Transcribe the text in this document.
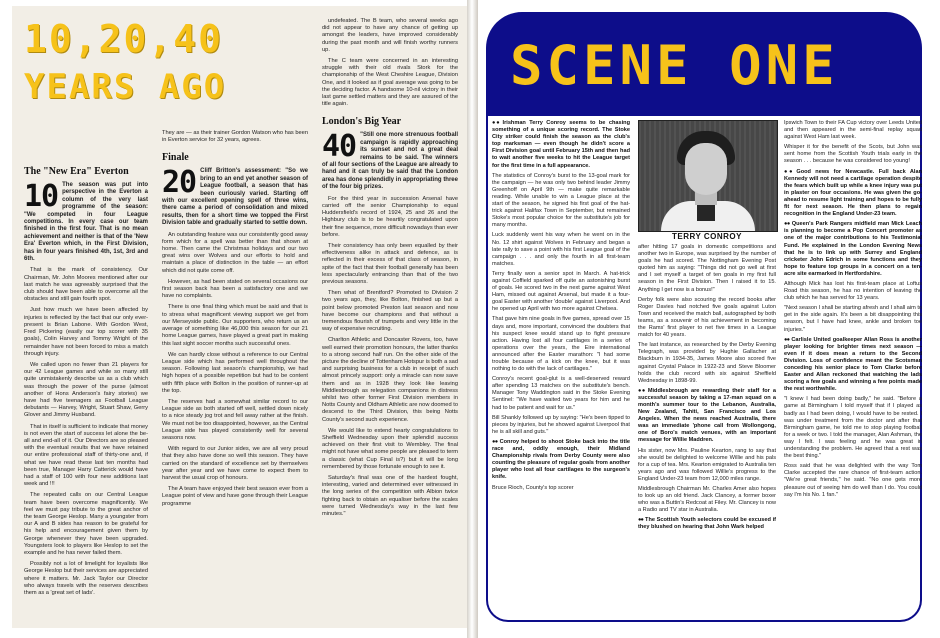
10,20,40
YEARS AGO

The "New Era" Everton

10 The season was put into perspective in the Everton a column of the very last programme of the season: "We competed in four League competitions. In every case our team finished in the first four. That is no mean achievement and neither is that of the 'New Era' Everton which, in the First Division, has in four years finished 4th, 1st, 3rd and 6th.

That is the mark of consistency. Our Chairman, Mr. John Moores mentioned after our last match he was agreeably surprised that the club should have been able to overcome all the obstacles and still gain fourth spot.

Just how much we have been affected by injuries is reflected by the fact that our only ever-present is Brian Labone. With Gordon West, Fred Pickering (easily our top scorer with 35 goals), Colin Harvey and Tommy Wright of the remainder have not been forced to miss a match through injury.

We called upon no fewer than 21 players for our 42 League games and while so many still quite unmistakenly describe us as a club which was through the power of the purse (almost another of Hons Anderson's fairy stories) we have had five teenagers as Football League debutants — Harvey, Wright, Stuart Shaw, Gerry Glover and Jimmy Husband.

That in itself is sufficient to indicate that money is not even the start of success let alone the be-all and end-all of it. Our Directors are so pleased with the eventual results that we have retained our entire professional staff of thirty-one and, if what we have read these last ten months had been true, Manager Harry Catterick would have had a staff of 100 with four new additions last week and !!!

The repeated calls on our Central League team have been overcome magnificently. We feel we must pay tribute to the great anchor of the team George Heslop. Many a youngster from our A and B sides has reason to be grateful for his help and encouragement given them by George whenever they have been upgraded. Youngsters look to players like Heslop to set the example and he has never failed them.

Possibly not a lot of limelight for loyalists like George Heslop but their services are appreciated where it matters. Mr. Jack Taylor our Director who always travels with the reserves describes them as a 'great set of lads'.

They are — as their trainer Gordon Watson who has been in Everton service for 32 years, agrees.

Finale

20 Cliff Britton's assessment: "So we bring to an end yet another season of League football, a season that has been curiously varied. Starting off with our excellent opening spell of three wins, there came a period of consolidation and mixed results, then for a short time we topped the First Division table and gradually started to settle down.

An outstanding feature was our consistently good away form which for a spell was better than that shown at home. Then came the Christmas holidays and our two great wins over Wolves and our efforts to hold and maintain a place of distinction in the table — an effort which did not quite come off.

However, as had been stated on several occasions our first season back has been a satisfactory one and we have no complaints.

There is one final thing which must be said and that is to stress what magnificent viewing support we get from our Merseyside public. Our supporters, who return us an average of something like 46,000 this season for our 21 home League games, have played a great part in making this last sight soccer months such successful ones.

We can hardly close without a reference to our Central League side which has performed well throughout the season. Following last season's championship, we had high hopes of a possible repetition but had to be content with fifth place with Bolton in the position of runner-up at the top.

The reserves had a somewhat similar record to our League side as both started off well, settled down nicely to a nice steady jog trot and fell away rather at the finish. We must not be too disappointed, however, as the Central League side has played consistently well for several seasons now.

With regard to our Junior sides, we are all very proud that they also have done so well this season. They have carried on the standard of excellence set by themselves year after year and we have come to expect them to harvest the usual crop of honours.

The A team have enjoyed their best season ever from a League point of view and have gone through their League programme

undefeated. The B team, who several weeks ago did not appear to have any chance of getting up amongst the leaders, have improved considerably during the past month and will finish worthy runners up.

The C team were concerned in an interesting struggle with their old rivals Stork for the championship of the West Cheshire League, Division One, and it looked as if goal average was going to be the deciding factor. A handsome 10-nil victory in their last game settled matters and they are assured of the title again.

London's Big Year

40 "Still one more strenuous football campaign is rapidly approaching its sunset and not a great deal remains to be said. The winners of all four sections of the League are already to hand and it can truly be said that the London area has done splendidly in appropriating three of the four big prizes.

For the third year in succession Arsenal have carried off the senior Championship to equal Huddersfield's record of 1924, 25 and 26 and the Highbury club is to be heartily congratulated upon their fine sequence, more difficult nowadays than ever before.

Their consistency has only been equalled by their effectiveness alike in attack and defence, as is reflected in their excess of that class of season, in spite of the fact that their football generally has been less spectacularly entrancing than that of the two previous seasons.

Then what of Brentford? Promoted to Division 2 two years ago, they, like Bolton, finished up but a point below promoted Preston last season and now have become our champions and that without a tremendous flourish of trumpets and very little in the way of expensive recruiting.

Charlton Athletic and Doncaster Rovers, too, have well earned their promotion honours, the latter thanks to a strong second half run. On the other side of the picture the decline of Tottenham Hotspur is both a sad and surprising business for a club in receipt of such almost princely support: only a miracle can now save them and as in 1928 they look like leaving Middlesbrough as relegation companions in distress whilst two other former First Division members in Notts County and Oldham Athletic are now doomed to descend to the Third Division, this being Notts County's second such experience.

We would like to extend hearty congratulations to Sheffield Wednesday upon their splendid success achieved on their first visit to Wembley. The final might not have what some people are pleased to term a classic (what Cup Final is?) but it will be long remembered by those fortunate enough to see it.

Saturday's final was one of the hardest fought, interesting, varied and determined ever witnessed in the long series of the competition with Albion twice fighting back to obtain an equaliser before the scales were turned Wednesday's way in the last few minutes."

SCENE ONE

●● Irishman Terry Conroy seems to be chasing something of a unique scoring record. The Stoke City striker could finish the season as the club's top marksman — even though he didn't score a First Division goal until February 15th and then had to wait another five weeks to hit the League target for the first time in a full appearance.

The statistics of Conroy's burst to the 13-goal mark for the campaign — he was only two behind leader Jimmy Greenhoff on April 9th — make quite remarkable reading. While unable to win a League place at the start of the season, he signed his first goal of the hat-trick against Halifax Town in September, but remained Stoke's most popular choice for the substitute's job for many months.

Luck suddenly went his way when he went on in the No. 12 shirt against Wolves in February and began a late rally to save a point with his first League goal of the campaign . . . and only the fourth in all first-team matches.

Terry finally won a senior spot in March. A hat-trick against Coffield sparked off quite an astonishing burst of goals. He scored two in the next game against West Ham, missed out against Arsenal, but made it a four-goal Easter with another 'double' against Liverpool. And he opened up April with two more against Chelsea.

That gave him nine goals in five games, spread over 15 days and, more important, convinced the doubters that his suspect knee would stand up to fight pressure action. Having lost all four cartilages in a series of operations over the years, the Eire international announced after the Easter marathon: "I had some trouble because of a kick on the knee, but it was nothing to do with the lack of cartilages."

Conroy's recent goal-glut is a well-deserved reward after spending 13 matches on the substitute's bench. Manager Tony Waddington said in the Stoke Evening Sentinel: "We have waited two years for him and he had to be patient and wait for us."

Bill Shankly followed up by saying: "He's been tipped to pieces by injuries, but he showed against Liverpool that he is all skill and guts."

●● Conroy helped to shoot Stoke back into the title race and, oddly enough, their Midland Championship rivals from Derby County were also counting the pleasure of regular goals from another player who lost all four cartilages to the surgeon's knife.

Bruce Rioch, County's top scorer

TERRY CONROY

after hitting 17 goals in domestic competitions and another two in Europe, was surprised by the number of goals he had scored. The Nottingham Evening Post quoted him as saying: "Things did not go well at first and I set myself a target of ten goals in my first full season in the First Division. Then I raised it to 15. Anything I get now is a bonus!"

Derby folk were also scouring the record books after Roger Davies had notched five goals against Luton Town and received the match ball, autographed by both teams, as a souvenir of his achievement in becoming the Rams' first player to net five times in a League match for 40 years.

The last instance, as researched by the Derby Evening Telegraph, was provided by Hughie Gallacher at Blackburn in 1934-35, James Moore also scored five against Crystal Palace in 1922-23 and Steve Bloomer holds the club record with six against Sheffield Wednesday in 1898-99.

●● Middlesbrough are rewarding their staff for a successful season by taking a 17-man squad on a month's summer tour to the Lebanon, Australia, New Zealand, Tahiti, San Francisco and Los Angeles. When the news reached Australia, there was an immediate 'phone call from Wollongong, one of Boro's match venues, with an important message for Willie Maddren.

His sister, now Mrs. Pauline Kearton, rang to say that she would be delighted to welcome Willie and his pals for a cup of tea. Mrs. Kearton emigrated to Australia ten years ago and was followed Willie's progress to the England Under-23 team from 12,000 miles range.

Middlesbrough Chairman Mr. Charles Amer also hopes to look up an old friend. Jack Clancey, a former boxer who was a Buttin's Redcoat at Filey. Mr. Clancey is now a Radio and TV star in Australia.

●● The Scottish Youth selectors could be excused if they blushed on hearing that John Wark helped

Ipswich Town to their FA Cup victory over Leeds United and then appeared in the semi-final replay squad against West Ham last week.

Whisper it for the benefit of the Scots, but John was sent home from the Scottish Youth trials early in the season . . . because he was considered too young!

●● Good news for Newcastle. Full back Alan Kennedy will not need a cartilage operation despite the fears which built up while a knee injury was put in plaster on four occasions. He was given the go-ahead to resume light training and hopes to be fully fit for next season. He then plans to regain recognition in the England Under-23 team.

●● Queen's Park Rangers midfield man Mick Leach is planning to become a Pop Concert promoter as one of the major contributions to his Testimonial Fund. He explained in the London Evening News that he is to link up with Surrey and England cricketer John Edrich in some functions and they hope to feature top groups in a concert on a ten-acre site earmarked in Hertfordshire.

Although Mick has lost his first-team place at Loftus Road this season, he has no intention of leaving the club which he has served for 13 years.

"Next season I shall be starting afresh and I shall aim to get in the side again. It's been a bit disappointing this season, but I have had knee, ankle and broken toe injuries."

●● Carlisle United goalkeeper Allan Ross is another player looking for brighter times next season — even if it does mean a return to the Second Division. Loss of confidence meant the Scotsman conceding his senior place to Tom Clarke before Easter and Allan reckoned that watching the lads scoring a few goals and winning a few points made the rest worthwhile.

"I knew I had been doing badly," he said. "Before a game at Birmingham I told myself that if I played as badly as I had been doing, I would have to be rested. I was under treatment from the doctor and after that Birmingham game, he told me to stop playing football for a week or two. I told the manager, Alan Ashman, the way I felt. I was feeling and he was great in understanding the problem. He agreed that a rest was the best thing."

Ross said that he was delighted with the way Tom Clarke accepted the rare chance of first-team action. "We're great friends," he said. "No one gets more pleasure out of seeing him do well than I do. You could say I'm his No. 1 fan."
